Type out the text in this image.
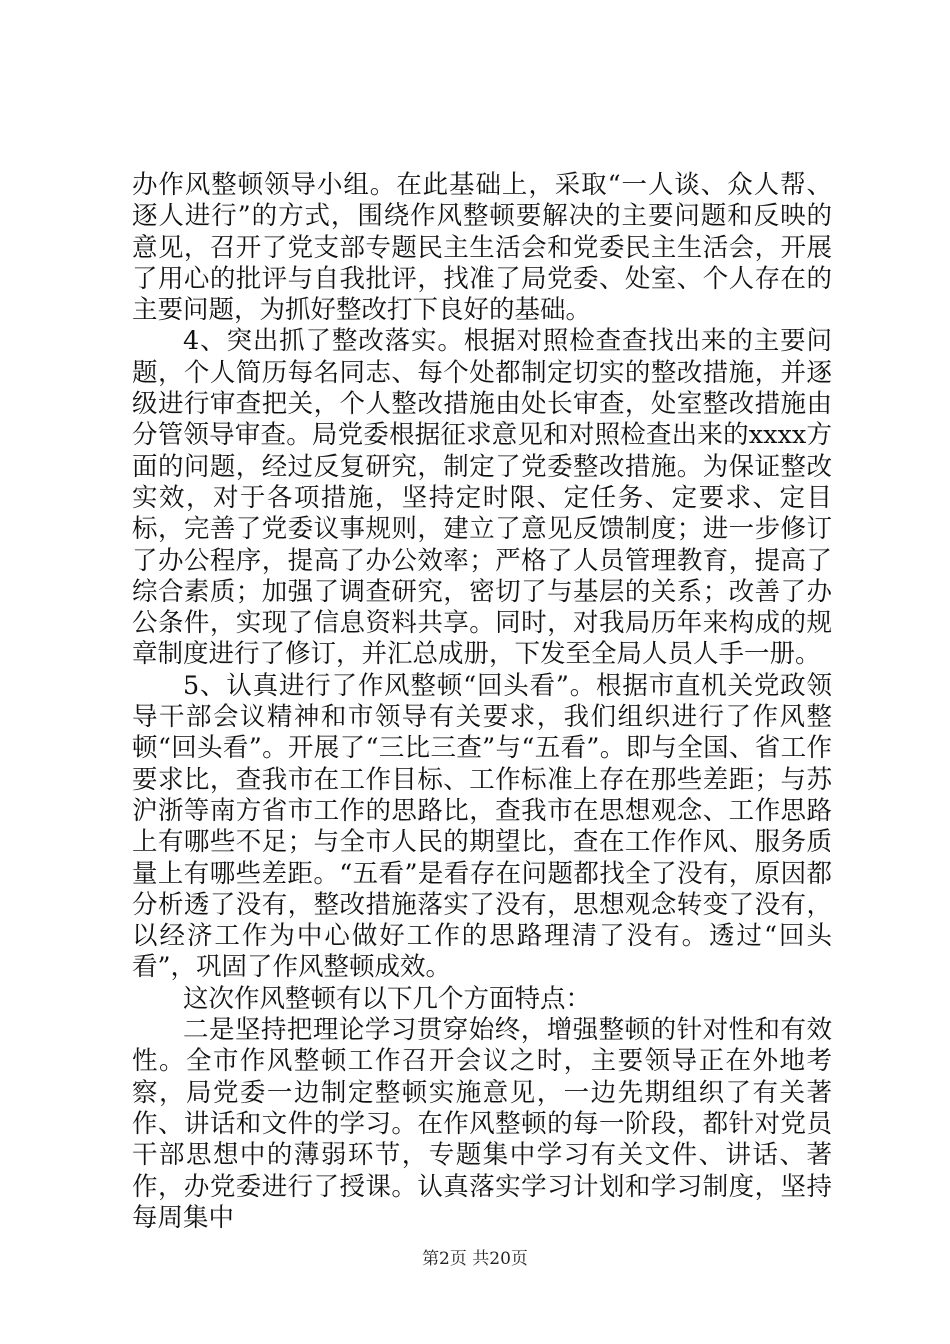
办作风整顿领导小组。在此基础上，采取“一人谈、众人帮、逐人进行”的方式，围绕作风整顿要解决的主要问题和反映的意见，召开了党支部专题民主生活会和党委民主生活会，开展了用心的批评与自我批评，找准了局党委、处室、个人存在的主要问题，为抓好整改打下良好的基础。

4、突出抓了整改落实。根据对照检查查找出来的主要问题，个人简历每名同志、每个处都制定切实的整改措施，并逐级进行审查把关，个人整改措施由处长审查，处室整改措施由分管领导审查。局党委根据征求意见和对照检查出来的xxxx方面的问题，经过反复研究，制定了党委整改措施。为保证整改实效，对于各项措施，坚持定时限、定任务、定要求、定目标，完善了党委议事规则，建立了意见反馈制度；进一步修订了办公程序，提高了办公效率；严格了人员管理教育，提高了综合素质；加强了调查研究，密切了与基层的关系；改善了办公条件，实现了信息资料共享。同时，对我局历年来构成的规章制度进行了修订，并汇总成册，下发至全局人员人手一册。

5、认真进行了作风整顿“回头看”。根据市直机关党政领导干部会议精神和市领导有关要求，我们组织进行了作风整顿“回头看”。开展了“三比三查”与“五看”。即与全国、省工作要求比，查我市在工作目标、工作标准上存在那些差距；与苏沪浙等南方省市工作的思路比，查我市在思想观念、工作思路上有哪些不足；与全市人民的期望比，查在工作作风、服务质量上有哪些差距。“五看”是看存在问题都找全了没有，原因都分析透了没有，整改措施落实了没有，思想观念转变了没有，以经济工作为中心做好工作的思路理清了没有。透过“回头看”，巩固了作风整顿成效。

这次作风整顿有以下几个方面特点：

二是坚持把理论学习贯穿始终，增强整顿的针对性和有效性。全市作风整顿工作召开会议之时，主要领导正在外地考察，局党委一边制定整顿实施意见，一边先期组织了有关著作、讲话和文件的学习。在作风整顿的每一阶段，都针对党员干部思想中的薄弱环节，专题集中学习有关文件、讲话、著作，办党委进行了授课。认真落实学习计划和学习制度，坚持每周集中

第2页 共20页
